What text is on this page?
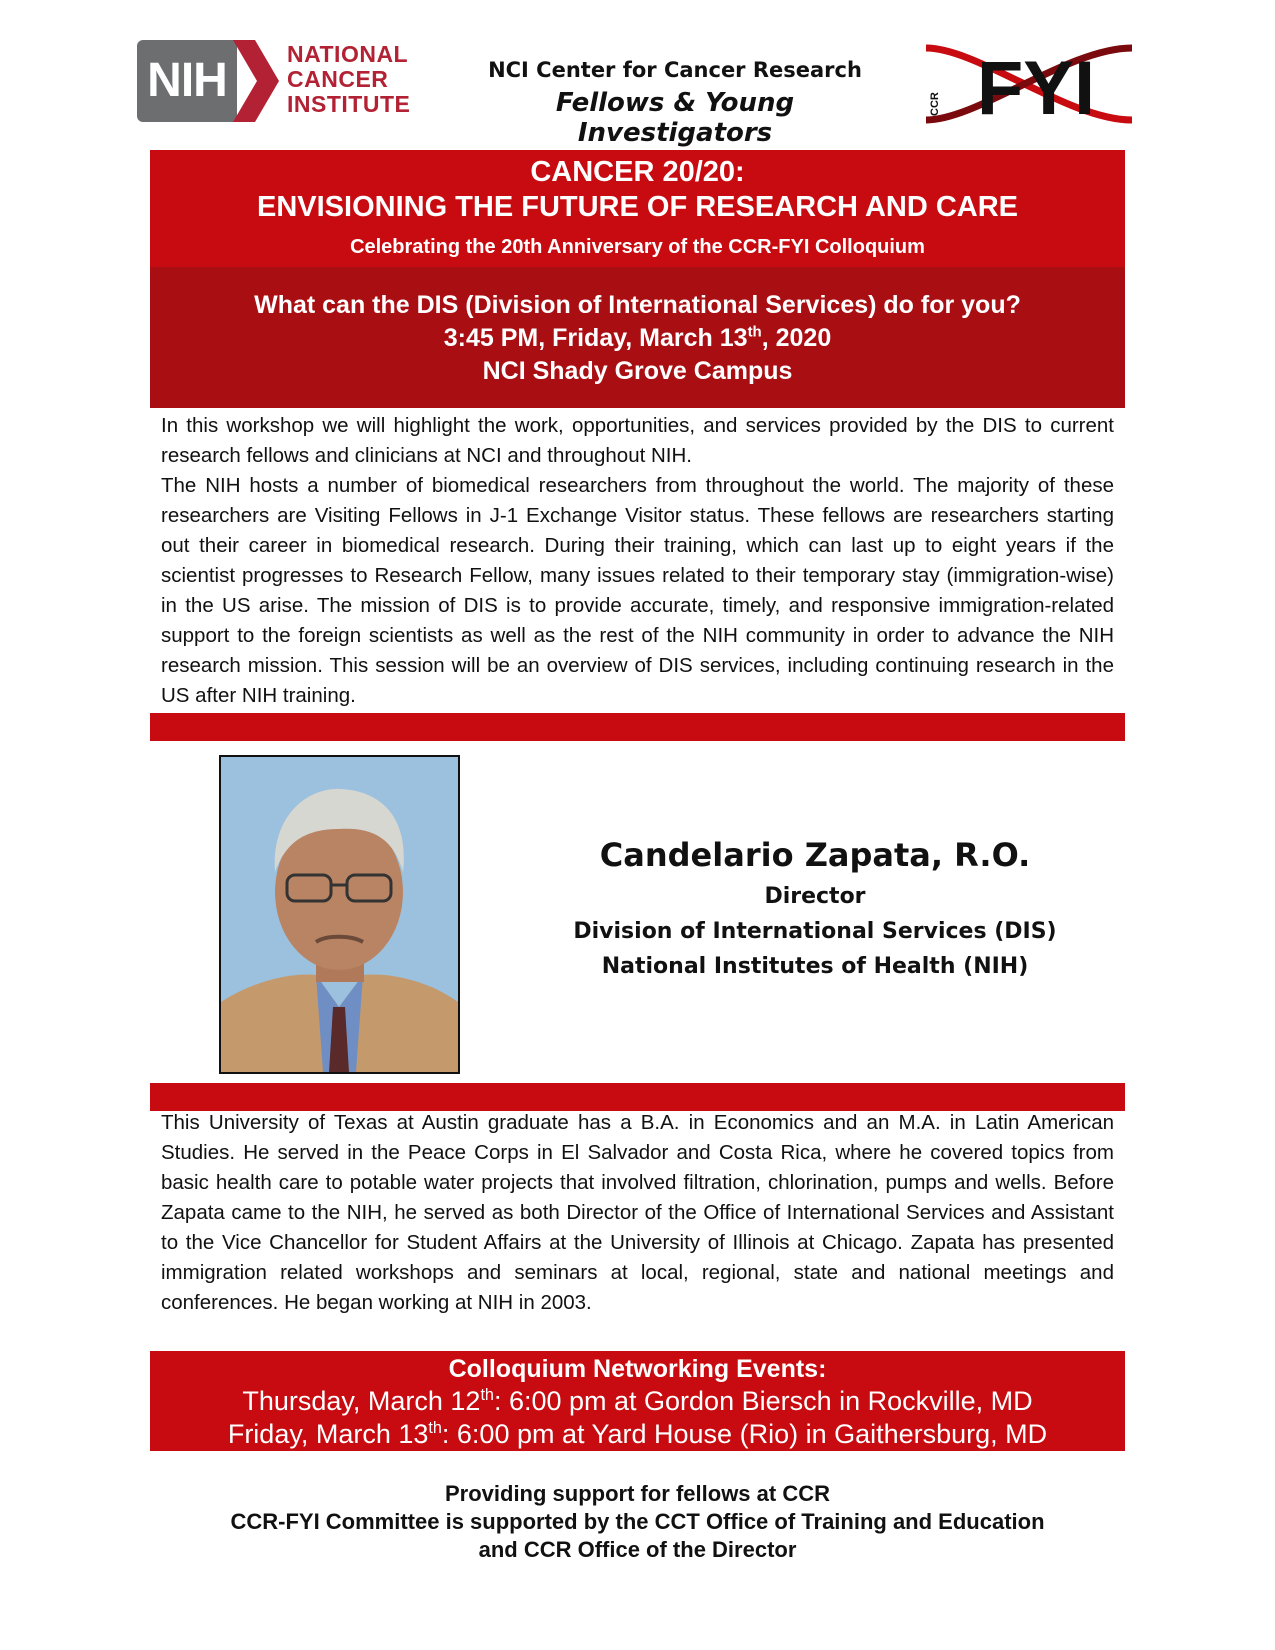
NIH	NATIONAL
CANCER
INSTITUTE
NCI Center for Cancer Research
Fellows & Young Investigators
CCR FYI
CANCER 20/20:
ENVISIONING THE FUTURE OF RESEARCH AND CARE
Celebrating the 20th Anniversary of the CCR-FYI Colloquium
What can the DIS (Division of International Services) do for you?
3:45 PM, Friday, March 13th, 2020
NCI Shady Grove Campus
In this workshop we will highlight the work, opportunities, and services provided by the DIS to current research fellows and clinicians at NCI and throughout NIH.
The NIH hosts a number of biomedical researchers from throughout the world. The majority of these researchers are Visiting Fellows in J-1 Exchange Visitor status. These fellows are researchers starting out their career in biomedical research. During their training, which can last up to eight years if the scientist progresses to Research Fellow, many issues related to their temporary stay (immigration-wise) in the US arise. The mission of DIS is to provide accurate, timely, and responsive immigration-related support to the foreign scientists as well as the rest of the NIH community in order to advance the NIH research mission. This session will be an overview of DIS services, including continuing research in the US after NIH training.
Candelario Zapata, R.O.
Director
Division of International Services (DIS)
National Institutes of Health (NIH)
This University of Texas at Austin graduate has a B.A. in Economics and an M.A. in Latin American Studies. He served in the Peace Corps in El Salvador and Costa Rica, where he covered topics from basic health care to potable water projects that involved filtration, chlorination, pumps and wells. Before Zapata came to the NIH, he served as both Director of the Office of International Services and Assistant to the Vice Chancellor for Student Affairs at the University of Illinois at Chicago. Zapata has presented immigration related workshops and seminars at local, regional, state and national meetings and conferences. He began working at NIH in 2003.
Colloquium Networking Events:
Thursday, March 12th: 6:00 pm at Gordon Biersch in Rockville, MD
Friday, March 13th: 6:00 pm at Yard House (Rio) in Gaithersburg, MD
Providing support for fellows at CCR
CCR-FYI Committee is supported by the CCT Office of Training and Education
and CCR Office of the Director
